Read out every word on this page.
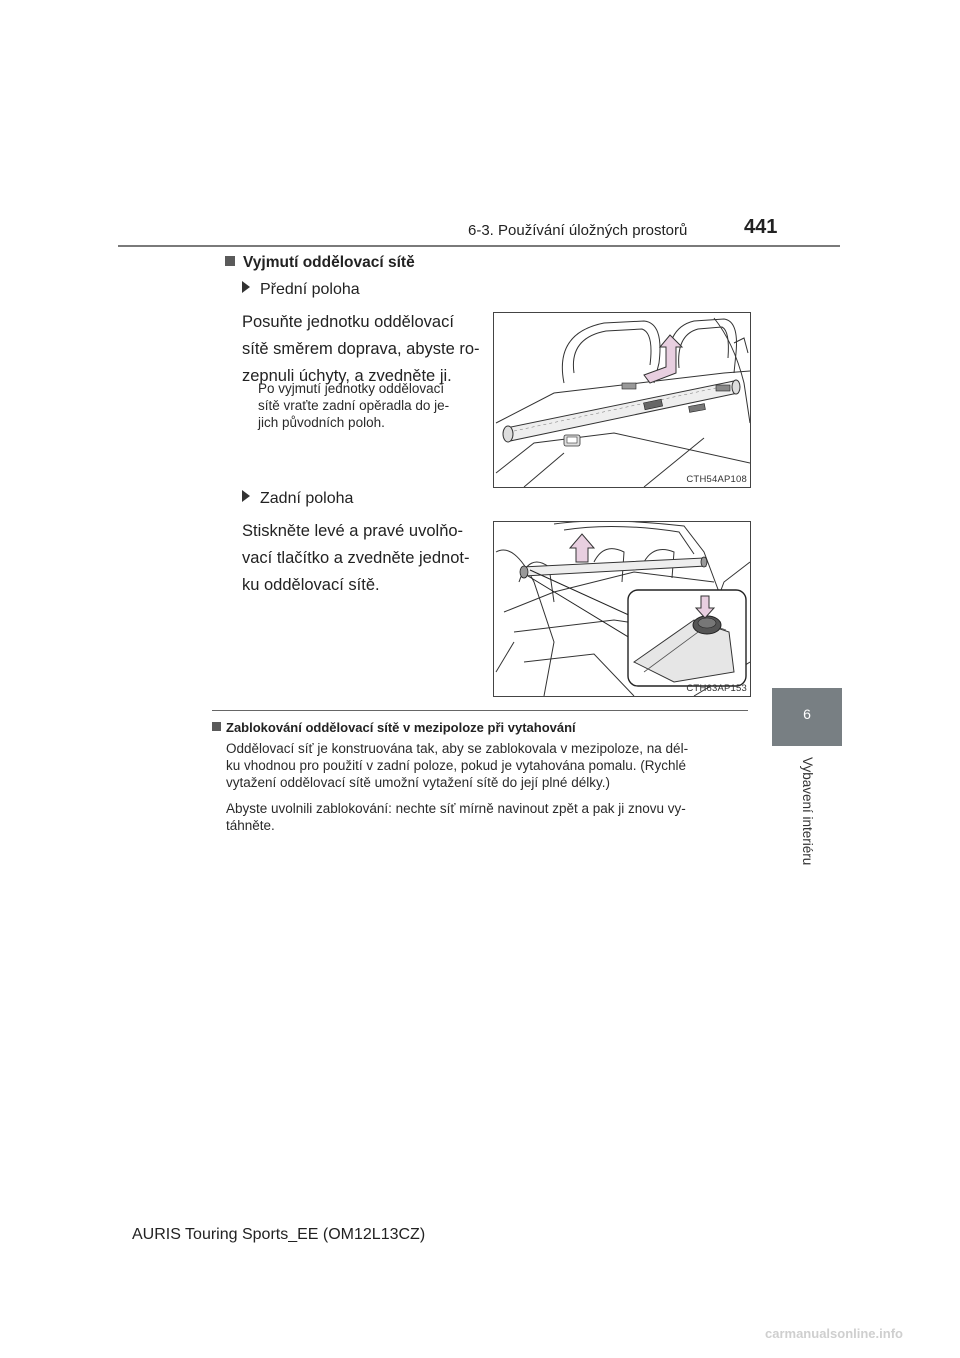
6-3. Používání úložných prostorů	441
6
Vybavení interiéru
Vyjmutí oddělovací sítě
Přední poloha
Posuňte jednotku oddělovací
sítě směrem doprava, abyste ro-
zepnuli úchyty, a zvedněte ji.
Po vyjmutí jednotky oddělovací
sítě vraťte zadní opěradla do je-
jich původních poloh.
CTH54AP108
Zadní poloha
Stiskněte levé a pravé uvolňo-
vací tlačítko a zvedněte jednot-
ku oddělovací sítě.
CTH63AP153
Zablokování oddělovací sítě v mezipoloze při vytahování
Oddělovací síť je konstruována tak, aby se zablokovala v mezipoloze, na dél-
ku vhodnou pro použití v zadní poloze, pokud je vytahována pomalu. (Rychlé
vytažení oddělovací sítě umožní vytažení sítě do její plné délky.)
Abyste uvolnili zablokování: nechte síť mírně navinout zpět a pak ji znovu vy-
táhněte.
AURIS Touring Sports_EE (OM12L13CZ)
carmanualsonline.info
